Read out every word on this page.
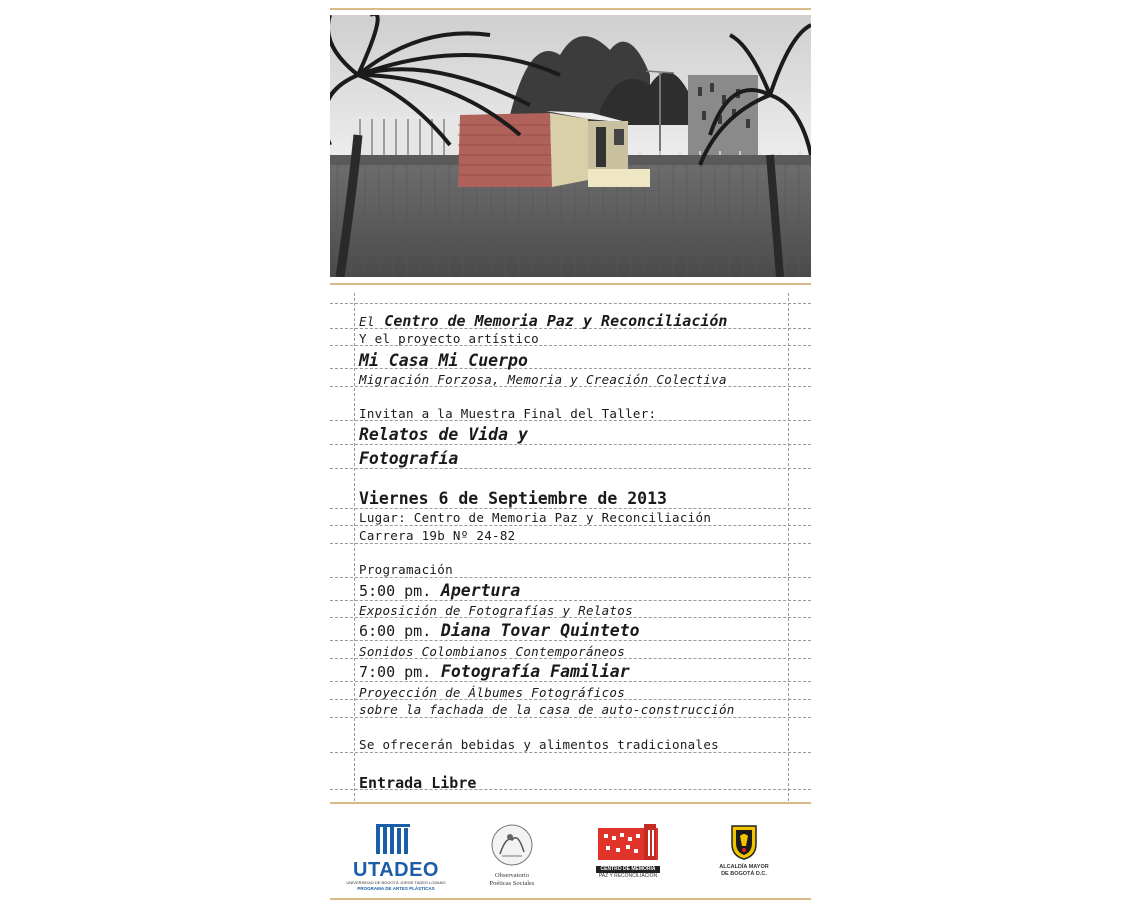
El Centro de Memoria Paz y Reconciliación
Y el proyecto artístico
Mi Casa Mi Cuerpo
Migración Forzosa, Memoria y Creación Colectiva
Invitan a la Muestra Final del Taller:
Relatos de Vida y
Fotografía
Viernes 6 de Septiembre de 2013
Lugar: Centro de Memoria Paz y Reconciliación
Carrera 19b Nº 24-82
Programación
5:00 pm. Apertura
Exposición de Fotografías y Relatos
6:00 pm. Diana Tovar Quinteto
Sonidos Colombianos Contemporáneos
7:00 pm. Fotografía Familiar
Proyección de Álbumes Fotográficos
sobre la fachada de la casa de auto-construcción
Se ofrecerán bebidas y alimentos tradicionales
Entrada Libre
UTADEO
UNIVERSIDAD DE BOGOTÁ JORGE TADEO LOZANO
PROGRAMA DE ARTES PLÁSTICAS
Observatorio
Poéticas Sociales
CENTRO DE MEMORIA
PAZ Y RECONCILIACIÓN
ALCALDÍA MAYOR
DE BOGOTÁ D.C.
